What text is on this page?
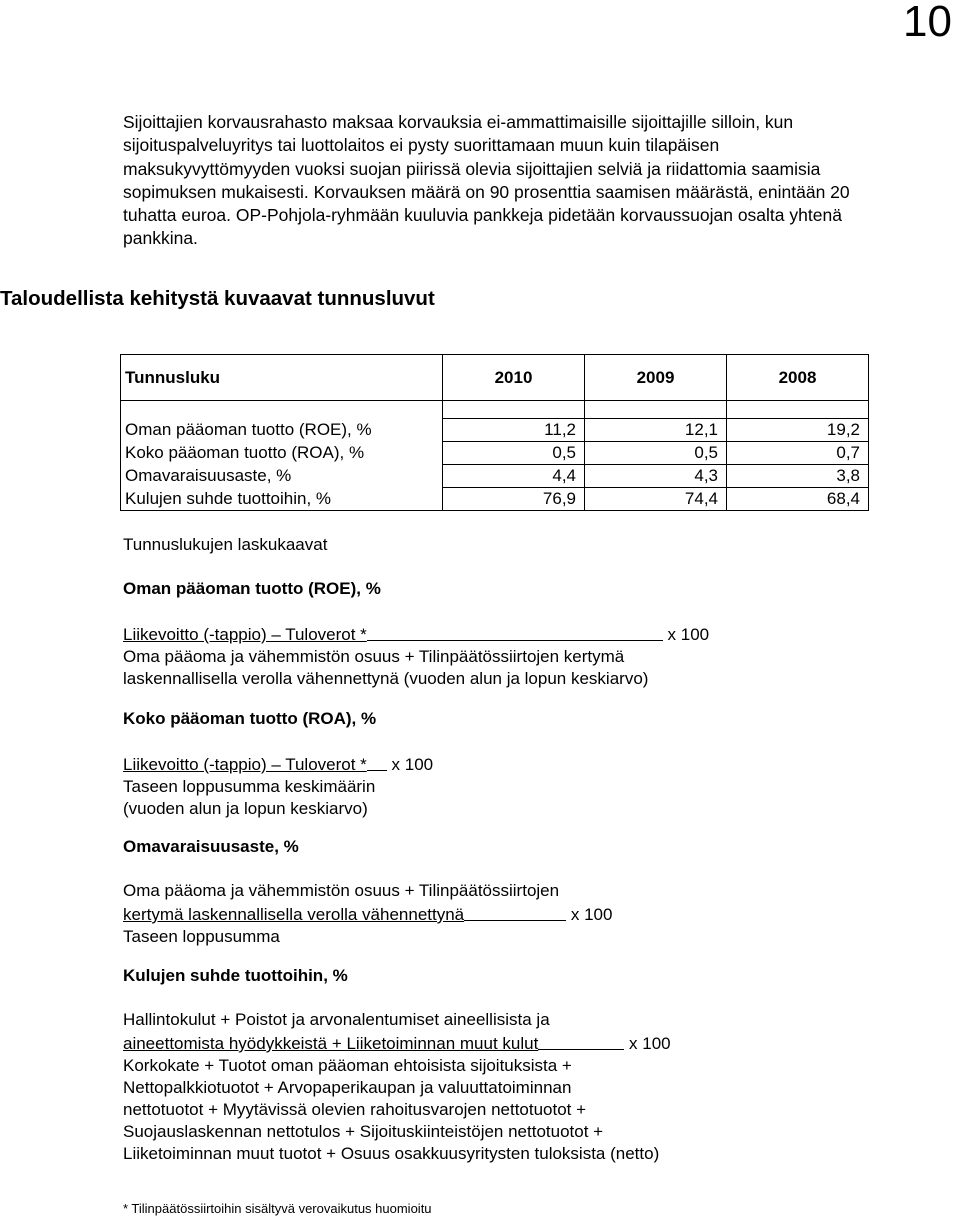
10

Sijoittajien korvausrahasto maksaa korvauksia ei-ammattimaisille sijoittajille silloin, kun

sijoituspalveluyritys tai luottolaitos ei pysty suorittamaan muun kuin tilapäisen

maksukyvyttömyyden vuoksi suojan piirissä olevia sijoittajien selviä ja riidattomia saamisia

sopimuksen mukaisesti. Korvauksen määrä on 90 prosenttia saamisen määrästä, enintään 20

tuhatta euroa. OP-Pohjola-ryhmään kuuluvia pankkeja pidetään korvaussuojan osalta yhtenä

pankkina.

Taloudellista kehitystä kuvaavat tunnusluvut
Tunnusluku	2010	2009	2008

Oman pääoman tuotto (ROE), %	11,2	12,1	19,2
Koko pääoman tuotto (ROA), %	0,5	0,5	0,7
Omavaraisuusaste, %	4,4	4,3	3,8
Kulujen suhde tuottoihin, %	76,9	74,4	68,4
Tunnuslukujen laskukaavat
Oman pääoman tuotto (ROE), %
Liikevoitto (-tappio) – Tuloverot *	x 100
Oma pääoma ja vähemmistön osuus + Tilinpäätössiirtojen kertymä
laskennallisella verolla vähennettynä (vuoden alun ja lopun keskiarvo)
Koko pääoman tuotto (ROA), %
Liikevoitto (-tappio) – Tuloverot * x 100
Taseen loppusumma keskimäärin
(vuoden alun ja lopun keskiarvo)
Omavaraisuusaste, %
Oma pääoma ja vähemmistön osuus + Tilinpäätössiirtojen
kertymä laskennallisella verolla vähennettynä	x 100
Taseen loppusumma
Kulujen suhde tuottoihin, %
Hallintokulut + Poistot ja arvonalentumiset aineellisista ja
aineettomista hyödykkeistä + Liiketoiminnan muut kulut	x 100
Korkokate + Tuotot oman pääoman ehtoisista sijoituksista +
Nettopalkkiotuotot + Arvopaperikaupan ja valuuttatoiminnan
nettotuotot + Myytävissä olevien rahoitusvarojen nettotuotot +
Suojauslaskennan nettotulos + Sijoituskiinteistöjen nettotuotot +
Liiketoiminnan muut tuotot + Osuus osakkuusyritysten tuloksista (netto)
* Tilinpäätössiirtoihin sisältyvä verovaikutus huomioitu
